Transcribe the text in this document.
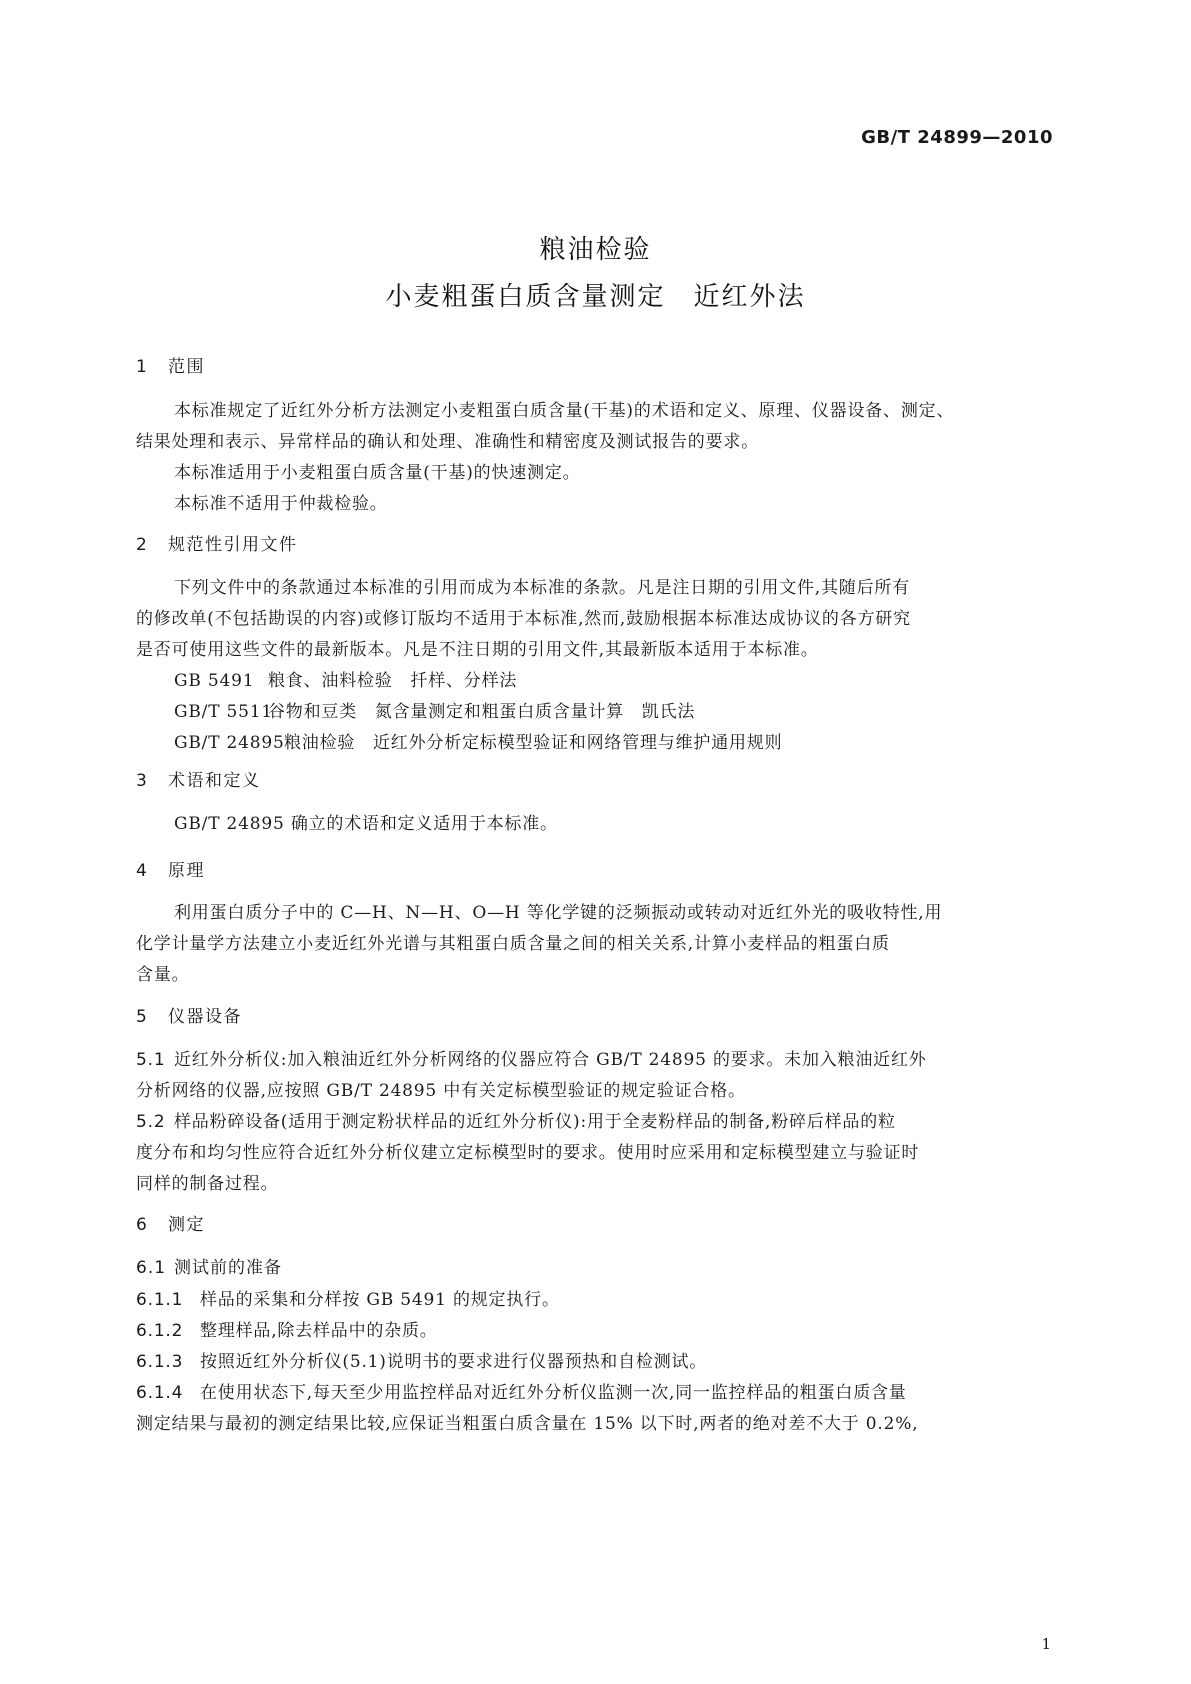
GB/T 24899—2010
粮油检验
小麦粗蛋白质含量测定　近红外法
1 范围
本标准规定了近红外分析方法测定小麦粗蛋白质含量(干基)的术语和定义、原理、仪器设备、测定、
结果处理和表示、异常样品的确认和处理、准确性和精密度及测试报告的要求。
本标准适用于小麦粗蛋白质含量(干基)的快速测定。
本标准不适用于仲裁检验。
2 规范性引用文件
下列文件中的条款通过本标准的引用而成为本标准的条款。凡是注日期的引用文件,其随后所有
的修改单(不包括勘误的内容)或修订版均不适用于本标准,然而,鼓励根据本标准达成协议的各方研究
是否可使用这些文件的最新版本。凡是不注日期的引用文件,其最新版本适用于本标准。
GB 5491 粮食、油料检验　扦样、分样法
GB/T 5511谷物和豆类　氮含量测定和粗蛋白质含量计算　凯氏法
GB/T 24895粮油检验　近红外分析定标模型验证和网络管理与维护通用规则
3 术语和定义
GB/T 24895 确立的术语和定义适用于本标准。
4 原理
利用蛋白质分子中的 C—H、N—H、O—H 等化学键的泛频振动或转动对近红外光的吸收特性,用
化学计量学方法建立小麦近红外光谱与其粗蛋白质含量之间的相关关系,计算小麦样品的粗蛋白质
含量。
5 仪器设备
5.1 近红外分析仪:加入粮油近红外分析网络的仪器应符合 GB/T 24895 的要求。未加入粮油近红外
分析网络的仪器,应按照 GB/T 24895 中有关定标模型验证的规定验证合格。
5.2 样品粉碎设备(适用于测定粉状样品的近红外分析仪):用于全麦粉样品的制备,粉碎后样品的粒
度分布和均匀性应符合近红外分析仪建立定标模型时的要求。使用时应采用和定标模型建立与验证时
同样的制备过程。
6 测定
6.1 测试前的准备
6.1.1 样品的采集和分样按 GB 5491 的规定执行。
6.1.2 整理样品,除去样品中的杂质。
6.1.3 按照近红外分析仪(5.1)说明书的要求进行仪器预热和自检测试。
6.1.4 在使用状态下,每天至少用监控样品对近红外分析仪监测一次,同一监控样品的粗蛋白质含量
测定结果与最初的测定结果比较,应保证当粗蛋白质含量在 15% 以下时,两者的绝对差不大于 0.2%,
1
